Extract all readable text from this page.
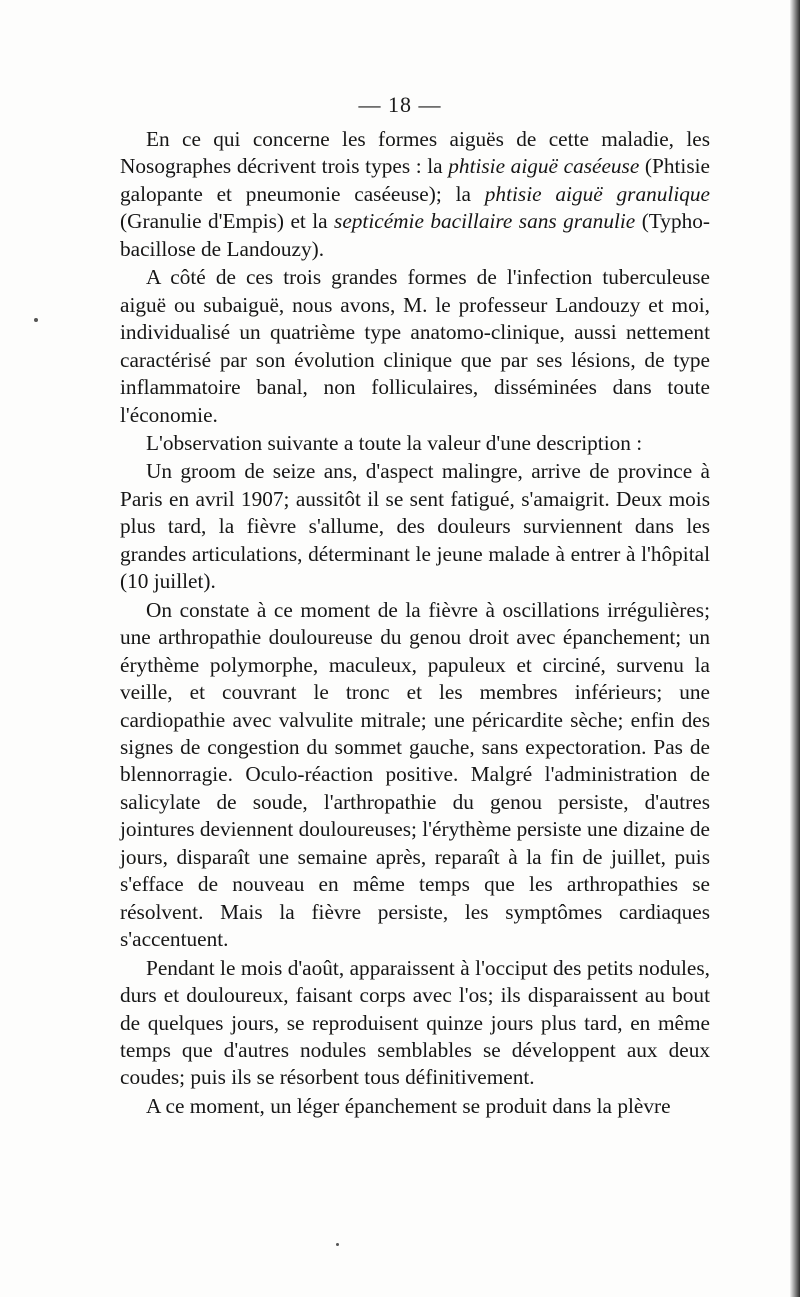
— 18 —

En ce qui concerne les formes aiguës de cette maladie, les Nosographes décrivent trois types : la phtisie aiguë caséeuse (Phtisie galopante et pneumonie caséeuse); la phtisie aiguë granulique (Granulie d'Empis) et la septicémie bacillaire sans granulie (Typho-bacillose de Landouzy).

A côté de ces trois grandes formes de l'infection tuberculeuse aiguë ou subaiguë, nous avons, M. le professeur Landouzy et moi, individualisé un quatrième type anatomo-clinique, aussi nettement caractérisé par son évolution clinique que par ses lésions, de type inflammatoire banal, non folliculaires, disséminées dans toute l'économie.

L'observation suivante a toute la valeur d'une description :

Un groom de seize ans, d'aspect malingre, arrive de province à Paris en avril 1907; aussitôt il se sent fatigué, s'amaigrit. Deux mois plus tard, la fièvre s'allume, des douleurs surviennent dans les grandes articulations, déterminant le jeune malade à entrer à l'hôpital (10 juillet).

On constate à ce moment de la fièvre à oscillations irrégulières; une arthropathie douloureuse du genou droit avec épanchement; un érythème polymorphe, maculeux, papuleux et circiné, survenu la veille, et couvrant le tronc et les membres inférieurs; une cardiopathie avec valvulite mitrale; une péricardite sèche; enfin des signes de congestion du sommet gauche, sans expectoration. Pas de blennorragie. Oculo-réaction positive. Malgré l'administration de salicylate de soude, l'arthropathie du genou persiste, d'autres jointures deviennent douloureuses; l'érythème persiste une dizaine de jours, disparaît une semaine après, reparaît à la fin de juillet, puis s'efface de nouveau en même temps que les arthropathies se résolvent. Mais la fièvre persiste, les symptômes cardiaques s'accentuent.

Pendant le mois d'août, apparaissent à l'occiput des petits nodules, durs et douloureux, faisant corps avec l'os; ils disparaissent au bout de quelques jours, se reproduisent quinze jours plus tard, en même temps que d'autres nodules semblables se développent aux deux coudes; puis ils se résorbent tous définitivement.

A ce moment, un léger épanchement se produit dans la plèvre
